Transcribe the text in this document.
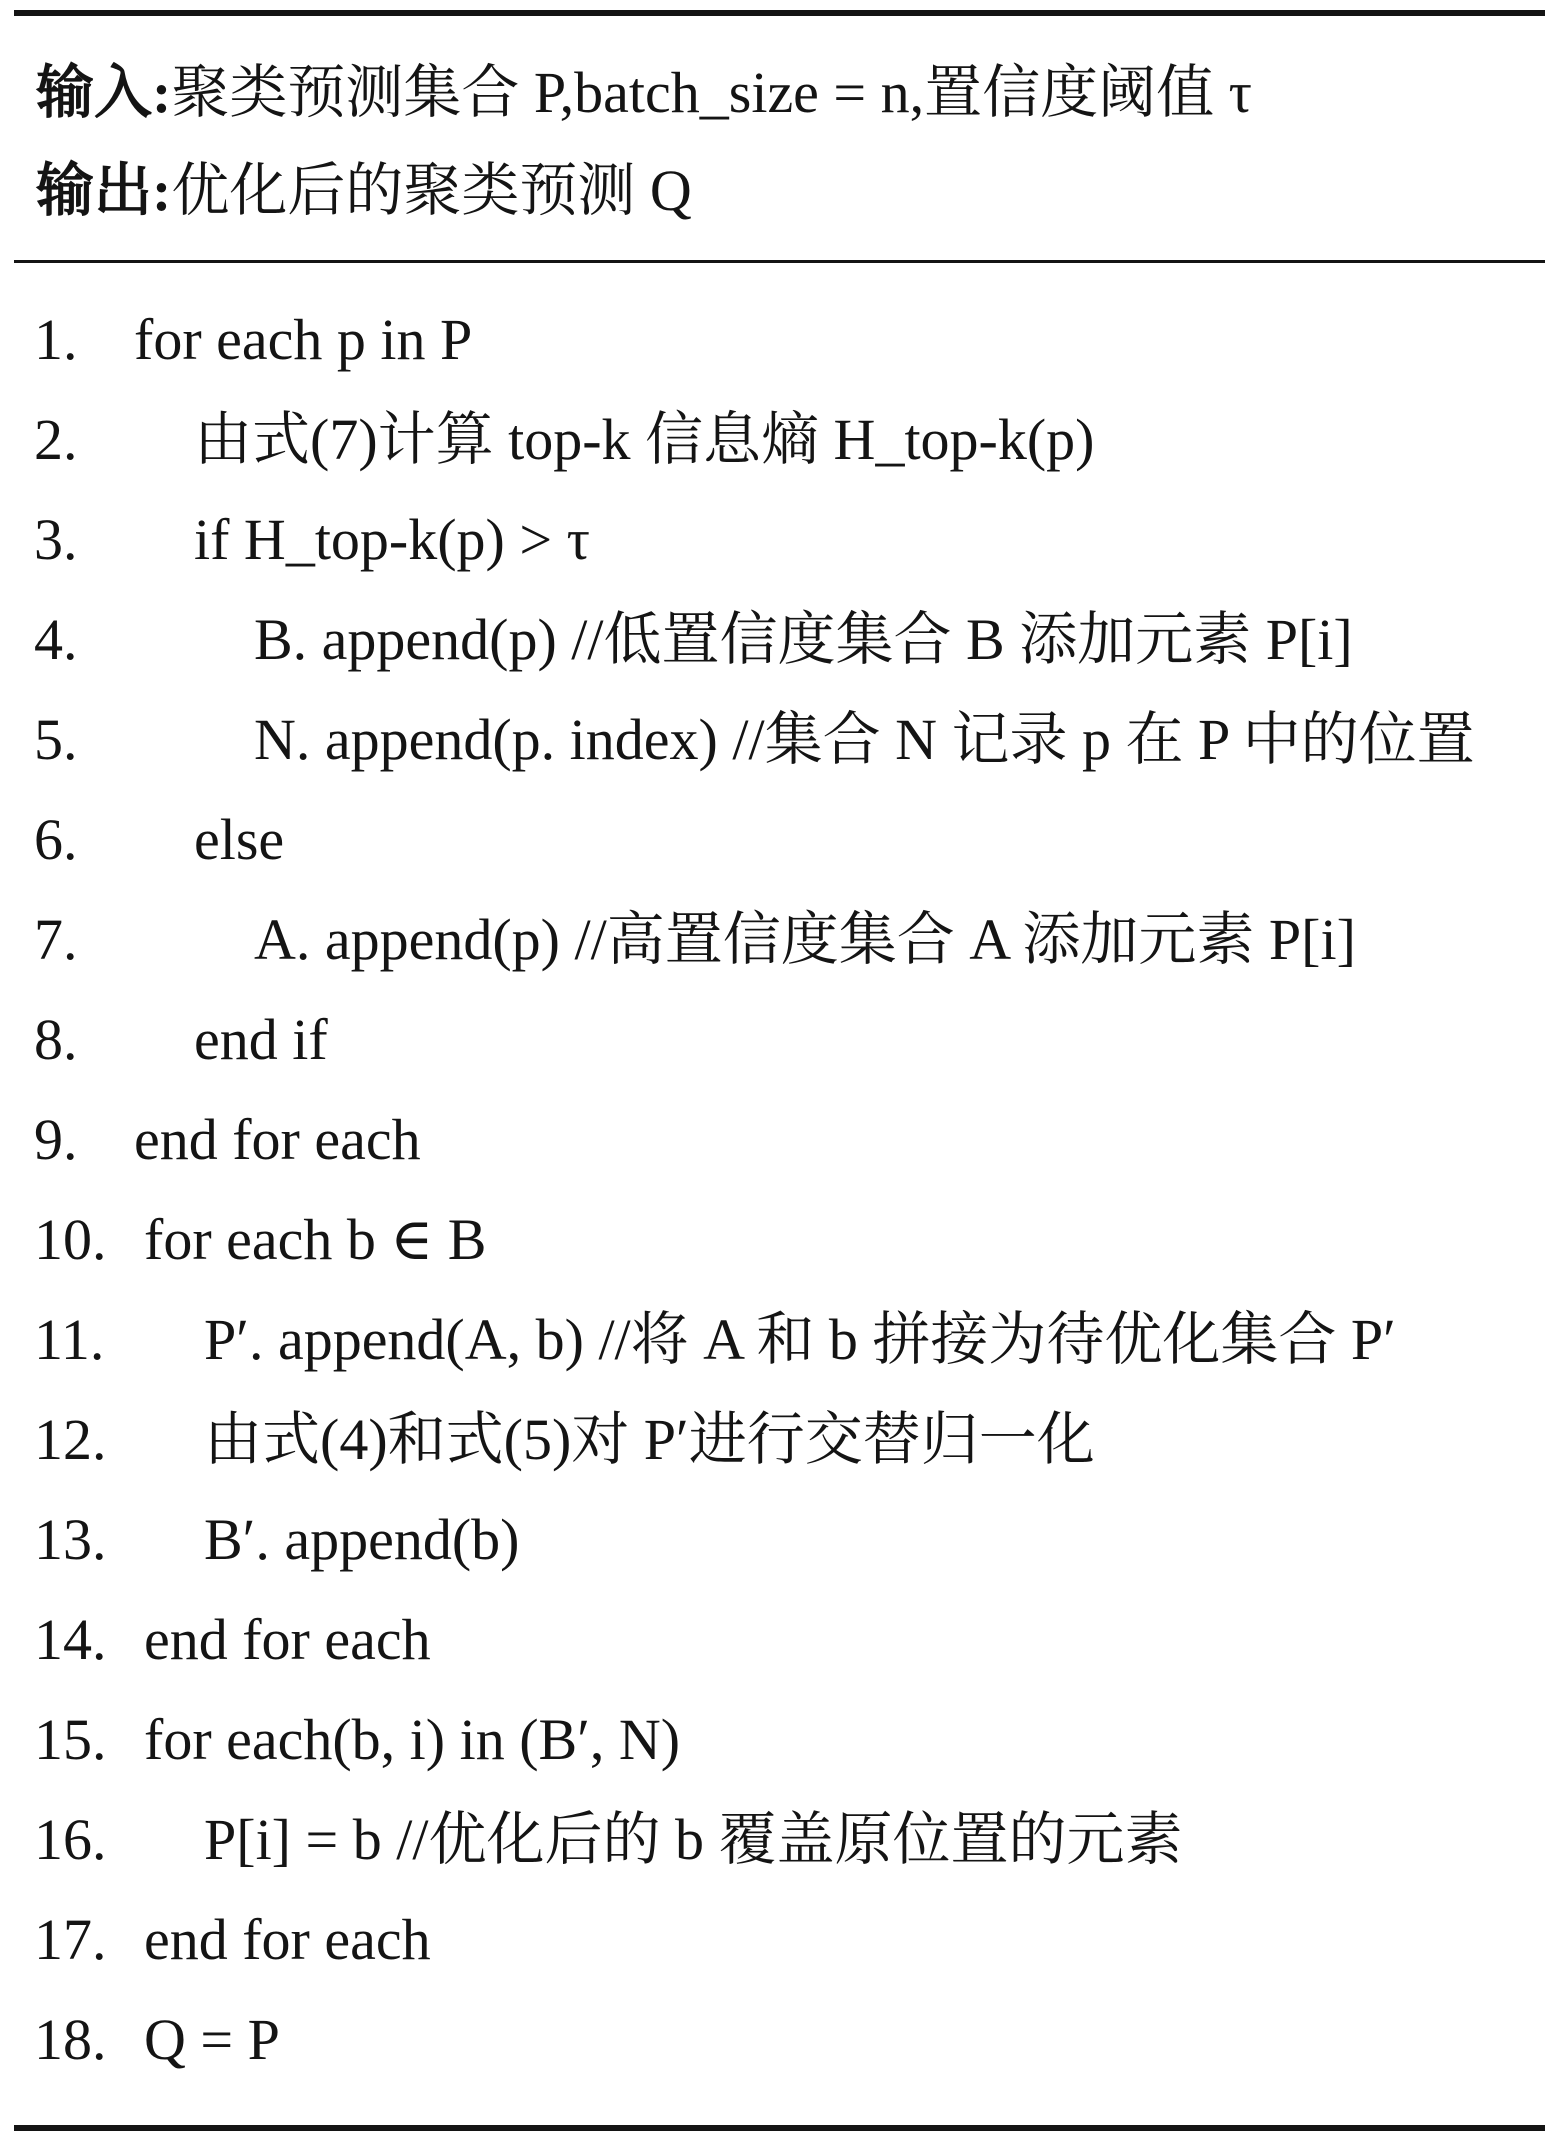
输入:聚类预测集合 P,batch_size = n,置信度阈值 τ
输出:优化后的聚类预测 Q
1. for each p in P
2. 由式(7)计算 top-k 信息熵 H_top-k(p)
3. if H_top-k(p) > τ
4.	B. append(p) //低置信度集合 B 添加元素 P[i]
5.	N. append(p. index) //集合 N 记录 p 在 P 中的位置
6. else
7.	A. append(p) //高置信度集合 A 添加元素 P[i]
8. end if
9. end for each
10. for each b ∈ B
11. P′. append(A, b) //将 A 和 b 拼接为待优化集合 P′
12. 由式(4)和式(5)对 P′进行交替归一化
13. B′. append(b)
14. end for each
15. for each(b, i) in (B′, N)
16. P[i] = b //优化后的 b 覆盖原位置的元素
17. end for each
18. Q = P
